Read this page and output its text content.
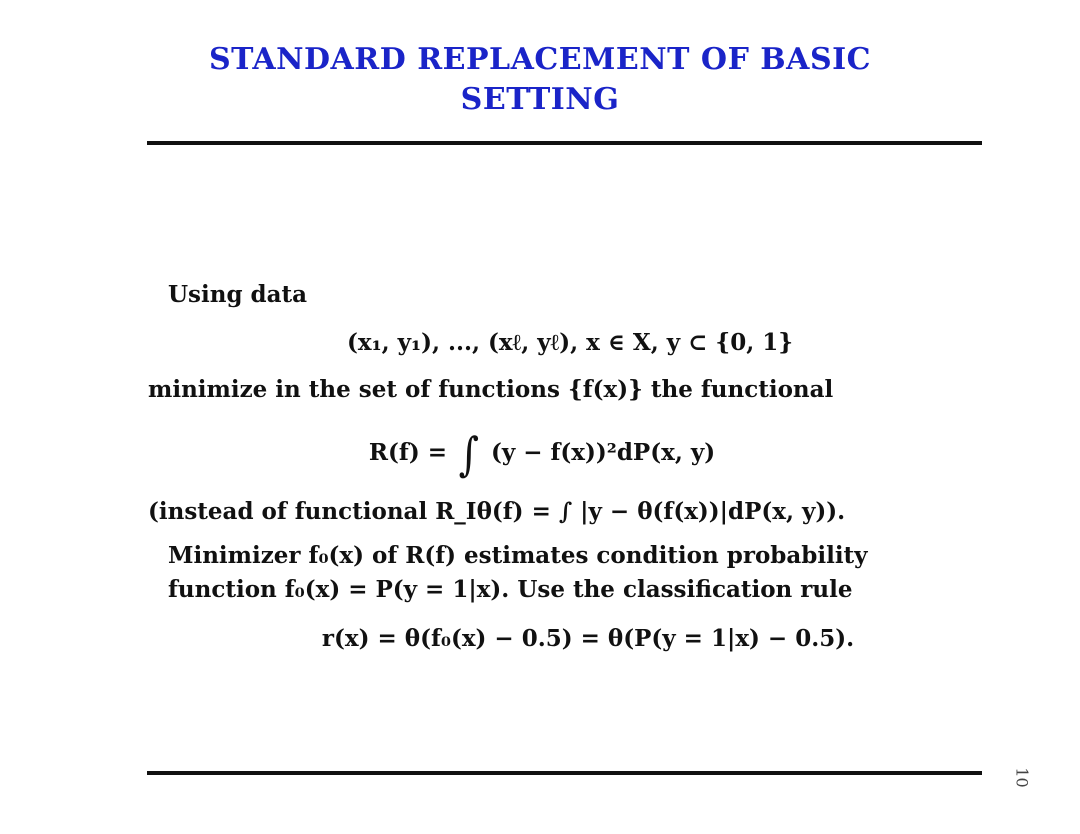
STANDARD REPLACEMENT OF BASIC
SETTING
Using data
(x₁, y₁), ..., (xℓ, yℓ), x ∈ X, y ⊂ {0, 1}
minimize in the set of functions {f(x)} the functional
R(f) = ∫ (y − f(x))²dP(x, y)
(instead of functional R_Iθ(f) = ∫ |y − θ(f(x))|dP(x, y)).
Minimizer f₀(x) of R(f) estimates condition probability
function f₀(x) = P(y = 1|x). Use the classification rule
r(x) = θ(f₀(x) − 0.5) = θ(P(y = 1|x) − 0.5).
10
